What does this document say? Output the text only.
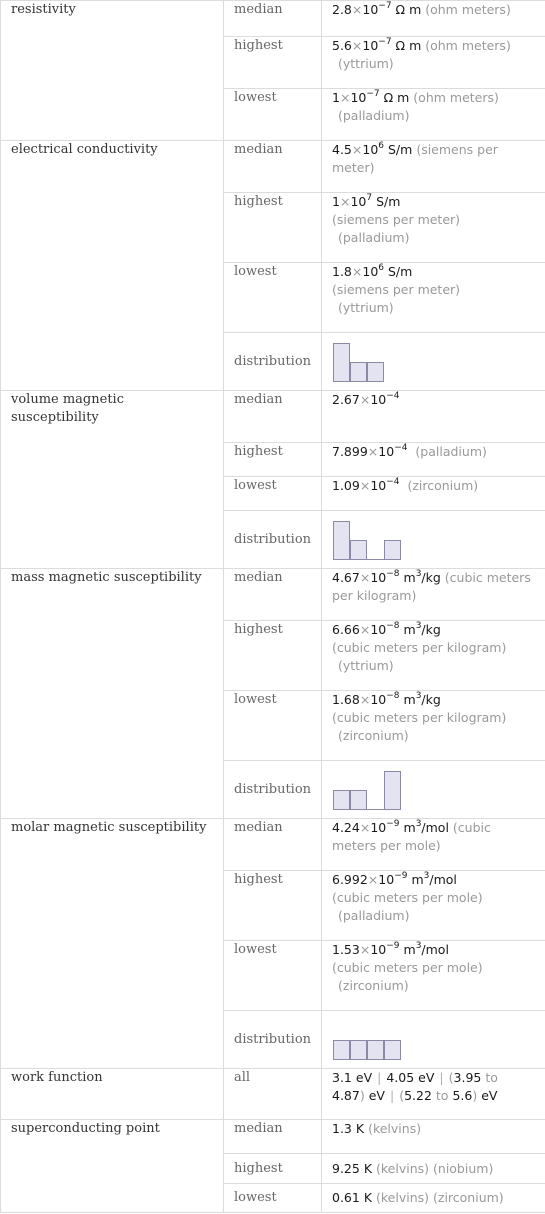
resistivity	median	$2.8\times 10^{-7}$ Ω m (ohm meters)
	highest	$5.6\times 10^{-7}$ Ω m (ohm meters)
(yttrium)
	lowest	$1\times 10^{-7}$ Ω m (ohm meters)
(palladium)
electrical conductivity	median	$4.5\times 10^6$ S/m (siemens per meter)
	highest	$1\times 10^7$ S/m
(siemens per meter)
(palladium)
	lowest	$1.8\times 10^6$ S/m
(siemens per meter)
(yttrium)
	distribution	

volume magnetic susceptibility	median	$2.67\times 10^{-4}$
	highest	$7.899\times 10^{-4}$ (palladium)
	lowest	$1.09\times 10^{-4}$ (zirconium)
	distribution	

mass magnetic susceptibility	median	$4.67\times 10^{-8}$ $m^3/kg$ (cubic meters per kilogram)
	highest	$6.66\times 10^{-8}$ $m^3/kg$
(cubic meters per kilogram)
(yttrium)
	lowest	$1.68\times 10^{-8}$ $m^3/kg$
(cubic meters per kilogram)
(zirconium)
	distribution	

molar magnetic susceptibility	median	$4.24\times 10^{-9}$ $m^3$/mol (cubic meters per mole)
	highest	$6.992\times 10^{-9}$ $m^3$/mol
(cubic meters per mole)
(palladium)
	lowest	$1.53\times 10^{-9}$ $m^3$/mol
(cubic meters per mole)
(zirconium)
	distribution	

work function	all	3.1 eV | 4.05 eV | (3.95 to
4.87) eV | (5.22 to 5.6) eV
superconducting point	median	1.3 K (kelvins)
	highest	9.25 K (kelvins) (niobium)
	lowest	0.61 K (kelvins) (zirconium)
